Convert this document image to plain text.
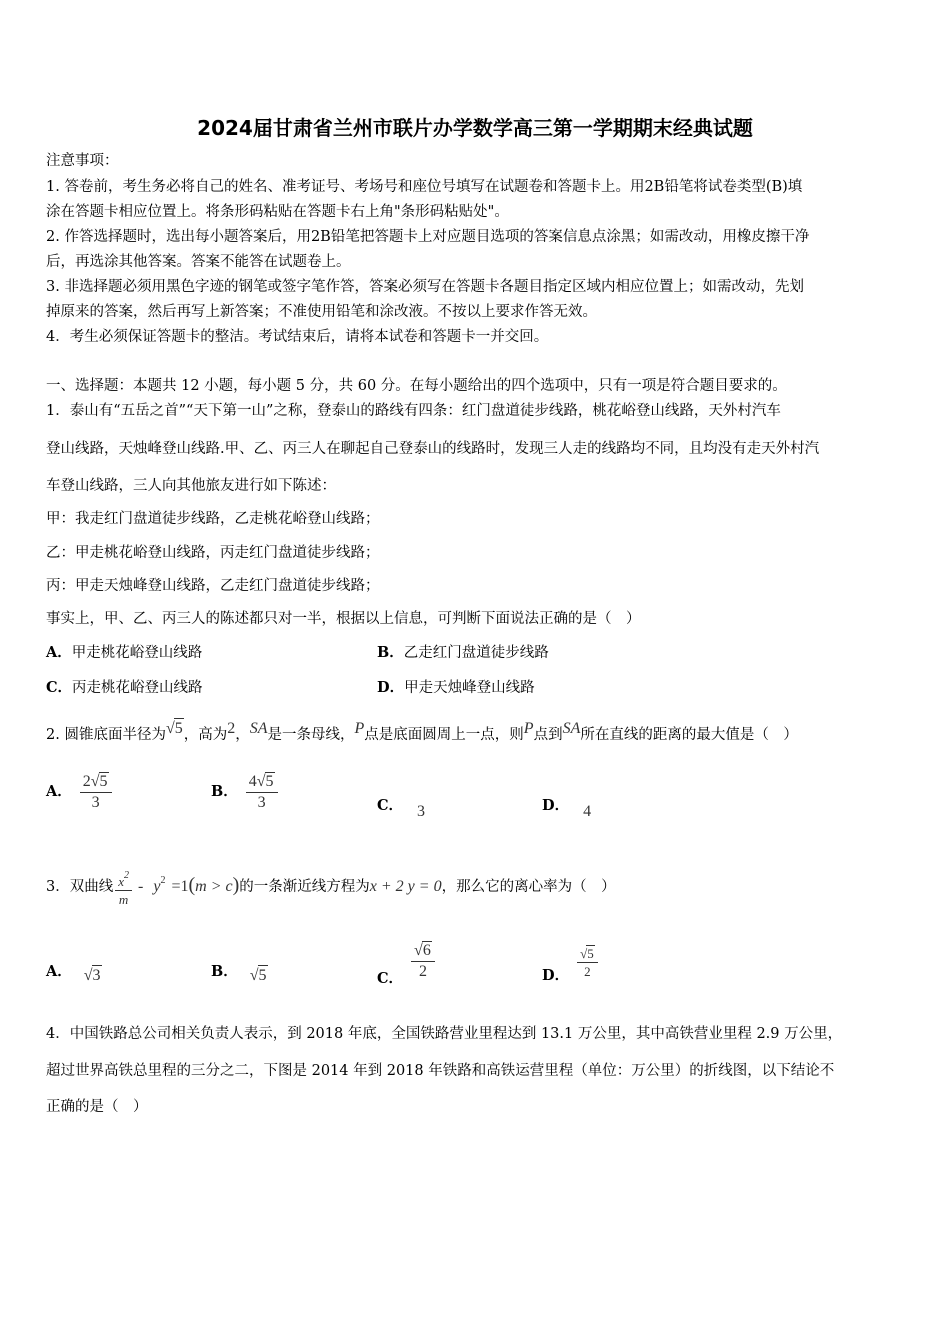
2024届甘肃省兰州市联片办学数学高三第一学期期末经典试题
注意事项：
1. 答卷前，考生务必将自己的姓名、准考证号、考场号和座位号填写在试题卷和答题卡上。用2B铅笔将试卷类型(B)填
涂在答题卡相应位置上。将条形码粘贴在答题卡右上角"条形码粘贴处"。
2. 作答选择题时，选出每小题答案后，用2B铅笔把答题卡上对应题目选项的答案信息点涂黑；如需改动，用橡皮擦干净
后，再选涂其他答案。答案不能答在试题卷上。
3. 非选择题必须用黑色字迹的钢笔或签字笔作答，答案必须写在答题卡各题目指定区域内相应位置上；如需改动，先划
掉原来的答案，然后再写上新答案；不准使用铅笔和涂改液。不按以上要求作答无效。
4．考生必须保证答题卡的整洁。考试结束后，请将本试卷和答题卡一并交回。
一、选择题：本题共 12 小题，每小题 5 分，共 60 分。在每小题给出的四个选项中，只有一项是符合题目要求的。
1．泰山有“五岳之首”“天下第一山”之称，登泰山的路线有四条：红门盘道徒步线路，桃花峪登山线路，天外村汽车
登山线路，天烛峰登山线路.甲、乙、丙三人在聊起自己登泰山的线路时，发现三人走的线路均不同，且均没有走天外村汽
车登山线路，三人向其他旅友进行如下陈述：
甲：我走红门盘道徒步线路，乙走桃花峪登山线路；
乙：甲走桃花峪登山线路，丙走红门盘道徒步线路；
丙：甲走天烛峰登山线路，乙走红门盘道徒步线路；
事实上，甲、乙、丙三人的陈述都只对一半，根据以上信息，可判断下面说法正确的是（　）
A．甲走桃花峪登山线路	B．乙走红门盘道徒步线路
C．丙走桃花峪登山线路	D．甲走天烛峰登山线路
2. 圆锥底面半径为√5，高为2，SA是一条母线，P点是底面圆周上一点，则P点到SA所在直线的距离的最大值是（　）
A． $\frac{2√5}{3}$	B． $\frac{4√5}{3}$	C． 3	D． 4
3．双曲线 $\frac{x^2}{m} - y^2 =1(m > c)$的一条渐近线方程为x + 2 y = 0，那么它的离心率为（　）
A． √3	B． √5	C． $\frac{√6}{2}$	D． $\frac{√5}{2}$
4．中国铁路总公司相关负责人表示，到 2018 年底，全国铁路营业里程达到 13.1 万公里，其中高铁营业里程 2.9 万公里，
超过世界高铁总里程的三分之二，下图是 2014 年到 2018 年铁路和高铁运营里程（单位：万公里）的折线图，以下结论不
正确的是（　）
